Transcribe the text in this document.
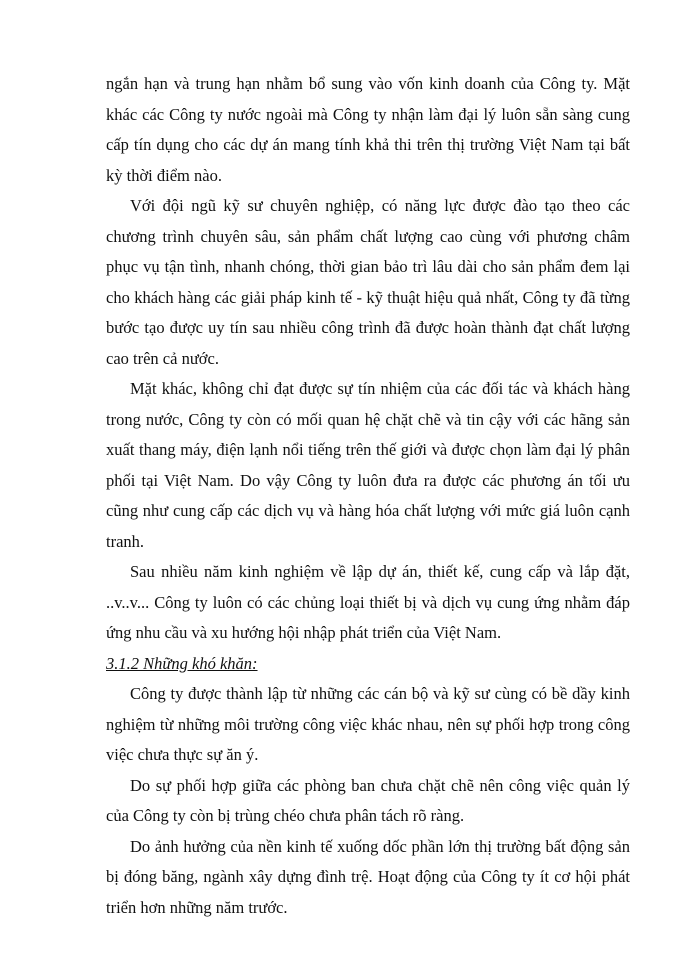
ngắn hạn và trung hạn nhằm bổ sung vào vốn kinh doanh của Công ty. Mặt khác các Công ty nước ngoài mà Công ty nhận làm đại lý luôn sẵn sàng cung cấp tín dụng cho các dự án mang tính khả thi trên thị trường Việt Nam tại bất kỳ thời điểm nào.

Với đội ngũ kỹ sư chuyên nghiệp, có năng lực được đào tạo theo các chương trình chuyên sâu, sản phẩm chất lượng cao cùng với phương châm phục vụ tận tình, nhanh chóng, thời gian bảo trì lâu dài cho sản phẩm đem lại cho khách hàng các giải pháp kinh tế - kỹ thuật hiệu quả nhất, Công ty đã từng bước tạo được uy tín sau nhiều công trình đã được hoàn thành đạt chất lượng cao trên cả nước.

Mặt khác, không chỉ đạt được sự tín nhiệm của các đối tác và khách hàng trong nước, Công ty còn có mối quan hệ chặt chẽ và tin cậy với các hãng sản xuất thang máy, điện lạnh nổi tiếng trên thế giới và được chọn làm đại lý phân phối tại Việt Nam. Do vậy Công ty luôn đưa ra được các phương án tối ưu cũng như cung cấp các dịch vụ và hàng hóa chất lượng với mức giá luôn cạnh tranh.

Sau nhiều năm kinh nghiệm về lập dự án, thiết kế, cung cấp và lắp đặt, ..v..v... Công ty luôn có các chủng loại thiết bị và dịch vụ cung ứng nhằm đáp ứng nhu cầu và xu hướng hội nhập phát triển của Việt Nam.

3.1.2 Những khó khăn:

Công ty được thành lập từ những các cán bộ và kỹ sư cùng có bề dầy kinh nghiệm từ những môi trường công việc khác nhau, nên sự phối hợp trong công việc chưa thực sự ăn ý.

Do sự phối hợp giữa các phòng ban chưa chặt chẽ nên công việc quản lý của Công ty còn bị trùng chéo chưa phân tách rõ ràng.

Do ảnh hưởng của nền kinh tế xuống dốc phần lớn thị trường bất động sản bị đóng băng, ngành xây dựng đình trệ. Hoạt động của Công ty ít cơ hội phát triển hơn những năm trước.
